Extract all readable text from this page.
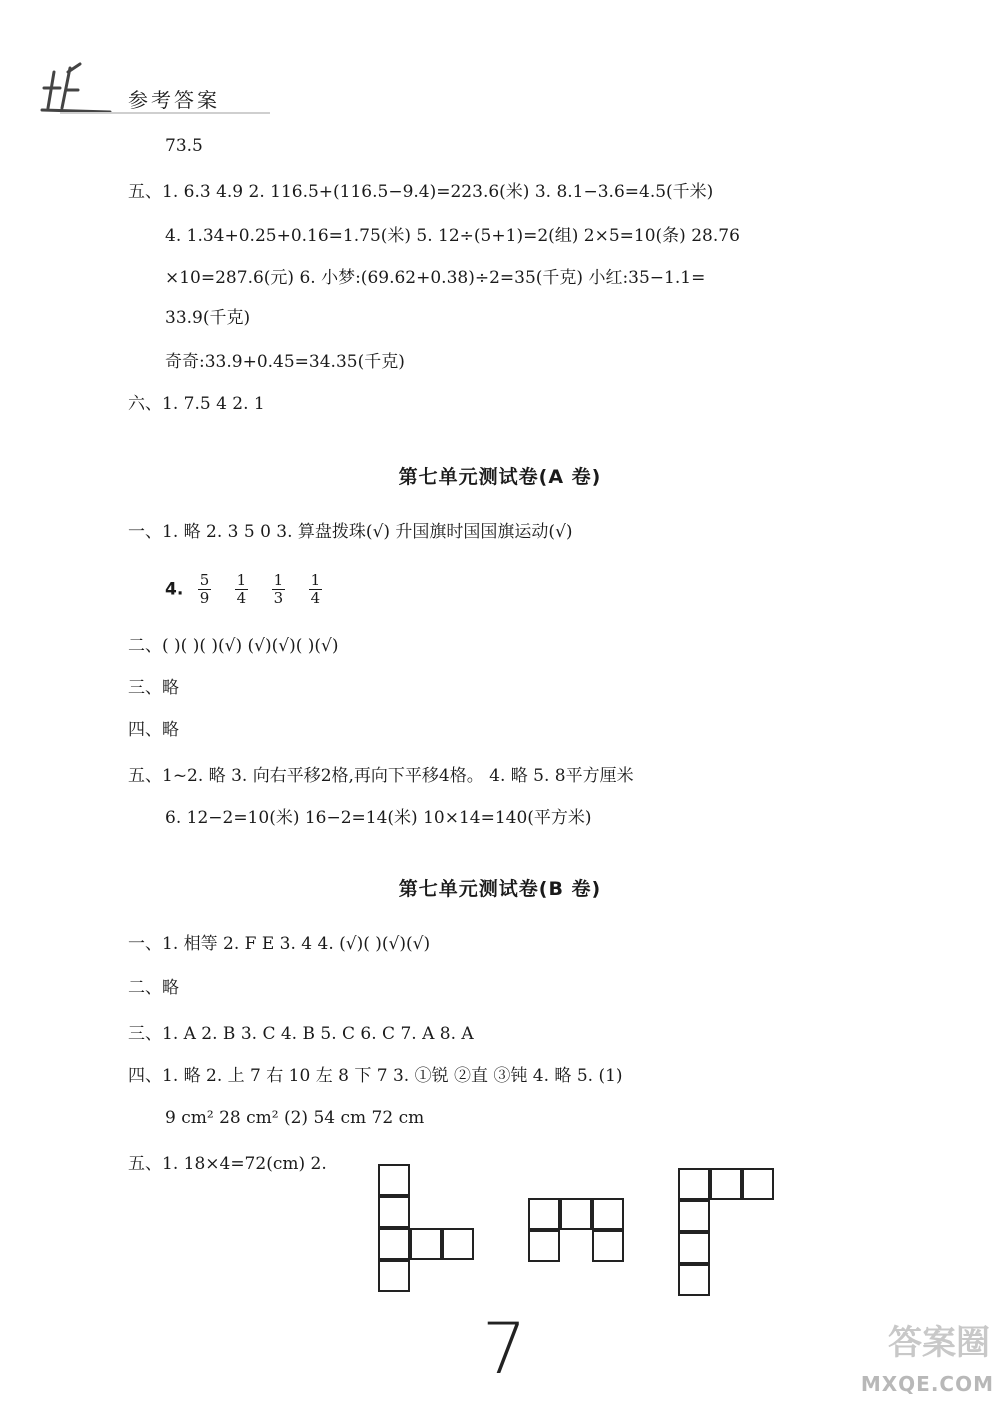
参考答案
73.5
五、1. 6.3 4.9 2. 116.5+(116.5−9.4)=223.6(米) 3. 8.1−3.6=4.5(千米)
4. 1.34+0.25+0.16=1.75(米) 5. 12÷(5+1)=2(组) 2×5=10(条) 28.76
×10=287.6(元) 6. 小梦:(69.62+0.38)÷2=35(千克) 小红:35−1.1=
33.9(千克)
奇奇:33.9+0.45=34.35(千克)
六、1. 7.5 4 2. 1
第七单元测试卷(A 卷)
一、1. 略 2. 3 5 0 3. 算盘拨珠(√) 升国旗时国国旗运动(√)
4. $\frac{5}{9}$
$\frac{1}{4}$
$\frac{1}{3}$
$\frac{1}{4}$
二、( )( )( )(√) (√)(√)( )(√)
三、略
四、略
五、1~2. 略 3. 向右平移2格,再向下平移4格。 4. 略 5. 8平方厘米
6. 12−2=10(米) 16−2=14(米) 10×14=140(平方米)
第七单元测试卷(B 卷)
一、1. 相等 2. F E 3. 4 4. (√)( )(√)(√)
二、略
三、1. A 2. B 3. C 4. B 5. C 6. C 7. A 8. A
四、1. 略 2. 上 7 右 10 左 8 下 7 3. ①锐 ②直 ③钝 4. 略 5. (1)
9 cm² 28 cm² (2) 54 cm 72 cm
五、1. 18×4=72(cm) 2.
7	答案圈
MXQE.COM
